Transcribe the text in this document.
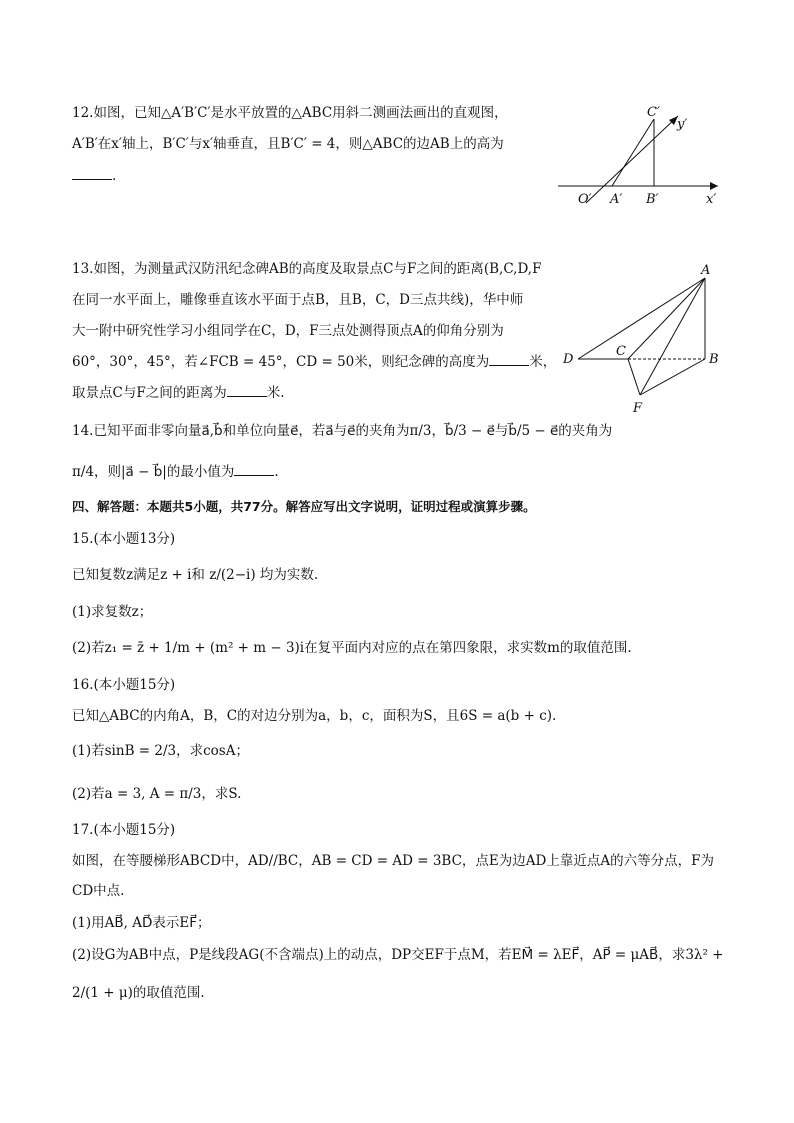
12.如图，已知△A′B′C′是水平放置的△ABC用斜二测画法画出的直观图，
A′B′在x′轴上，B′C′与x′轴垂直，且B′C′ = 4，则△ABC的边AB上的高为
.
C′
y′
O′ A′ B′	x′
13.如图，为测量武汉防汛纪念碑AB的高度及取景点C与F之间的距离(B,C,D,F
在同一水平面上，雕像垂直该水平面于点B，且B，C，D三点共线)，华中师
大一附中研究性学习小组同学在C，D，F三点处测得顶点A的仰角分别为
60°，30°，45°，若∠FCB = 45°，CD = 50米，则纪念碑的高度为	米，
取景点C与F之间的距离为	米.
A
C
D	B
F
14.已知平面非零向量a⃗,b⃗和单位向量e⃗，若a⃗与e⃗的夹角为π/3，b⃗/3 − e⃗与b⃗/5 − e⃗的夹角为
π/4，则|a⃗ − b⃗|的最小值为	.
四、解答题：本题共5小题，共77分。解答应写出文字说明，证明过程或演算步骤。
15.(本小题13分)
已知复数z满足z + i和 z/(2−i) 均为实数.
(1)求复数z；
(2)若z₁ = z̄ + 1/m + (m² + m − 3)i在复平面内对应的点在第四象限，求实数m的取值范围.
16.(本小题15分)
已知△ABC的内角A，B，C的对边分别为a，b，c，面积为S，且6S = a(b + c).
(1)若sinB = 2/3，求cosA；
(2)若a = 3, A = π/3，求S.
17.(本小题15分)
如图，在等腰梯形ABCD中，AD//BC，AB = CD = AD = 3BC，点E为边AD上靠近点A的六等分点，F为
CD中点.
(1)用AB⃗, AD⃗表示EF⃗；
(2)设G为AB中点，P是线段AG(不含端点)上的动点，DP交EF于点M，若EM⃗ = λEF⃗，AP⃗ = μAB⃗，求3λ² +
2/(1 + μ)的取值范围.
